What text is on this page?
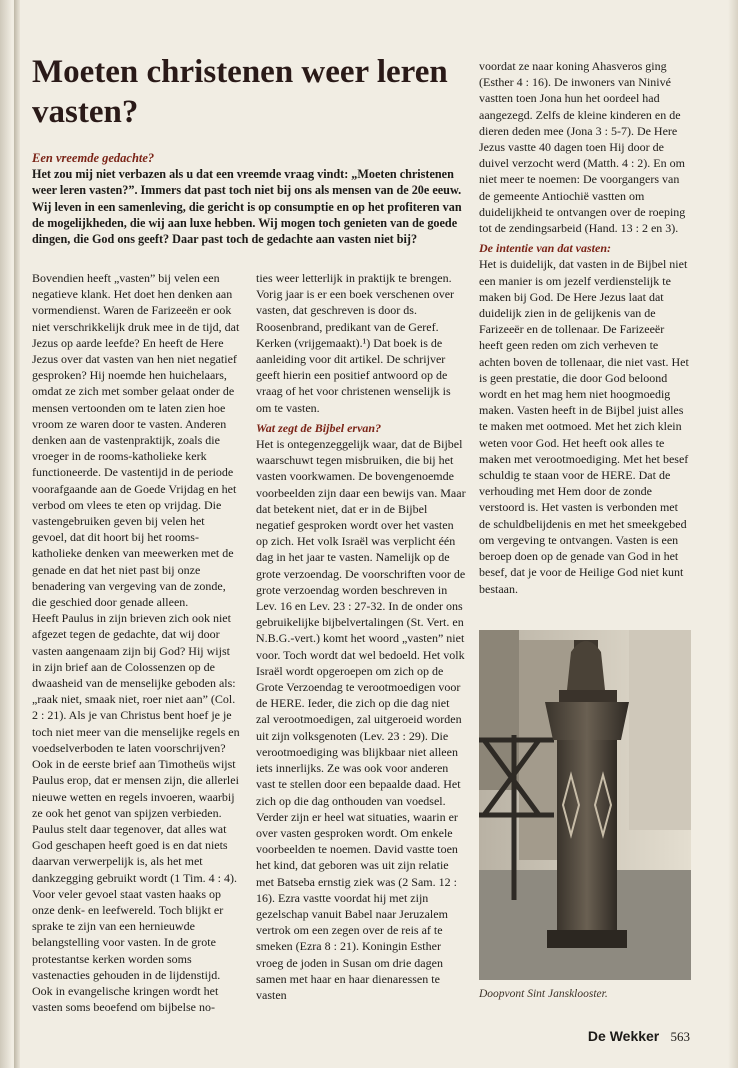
Moeten christenen weer leren vasten?
Een vreemde gedachte?

Het zou mij niet verbazen als u dat een vreemde vraag vindt: „Moeten christenen weer leren vasten?”. Immers dat past toch niet bij ons als mensen van de 20e eeuw. Wij leven in een samenleving, die gericht is op consumptie en op het profiteren van de mogelijkheden, die wij aan luxe hebben. Wij mogen toch genieten van de goede dingen, die God ons geeft? Daar past toch de gedachte aan vasten niet bij?

Bovendien heeft „vasten” bij velen een negatieve klank. Het doet hen denken aan vormendienst. Waren de Farizeeën er ook niet verschrikkelijk druk mee in de tijd, dat Jezus op aarde leefde? En heeft de Here Jezus over dat vasten van hen niet negatief gesproken? Hij noemde hen huichelaars, omdat ze zich met somber gelaat onder de mensen vertoonden om te laten zien hoe vroom ze waren door te vasten. Anderen denken aan de vastenpraktijk, zoals die vroeger in de rooms-katholieke kerk functioneerde. De vastentijd in de periode voorafgaande aan de Goede Vrijdag en het verbod om vlees te eten op vrijdag. Die vastengebruiken geven bij velen het gevoel, dat dit hoort bij het rooms-katholieke denken van meewerken met de genade en dat het niet past bij onze benadering van vergeving van de zonde, die geschied door genade alleen.

Heeft Paulus in zijn brieven zich ook niet afgezet tegen de gedachte, dat wij door vasten aangenaam zijn bij God? Hij wijst in zijn brief aan de Colossenzen op de dwaasheid van de menselijke geboden als: „raak niet, smaak niet, roer niet aan” (Col. 2 : 21). Als je van Christus bent hoef je je toch niet meer van die menselijke regels en voedselverboden te laten voorschrijven? Ook in de eerste brief aan Timotheüs wijst Paulus erop, dat er mensen zijn, die allerlei nieuwe wetten en regels invoeren, waarbij ze ook het genot van spijzen verbieden. Paulus stelt daar tegenover, dat alles wat God geschapen heeft goed is en dat niets daarvan verwerpelijk is, als het met dankzegging gebruikt wordt (1 Tim. 4 : 4).

Voor veler gevoel staat vasten haaks op onze denk- en leefwereld. Toch blijkt er sprake te zijn van een hernieuwde belangstelling voor vasten. In de grote protestantse kerken worden soms vastenacties gehouden in de lijdenstijd. Ook in evangelische kringen wordt het vasten soms beoefend om bijbelse no-

ties weer letterlijk in praktijk te brengen. Vorig jaar is er een boek verschenen over vasten, dat geschreven is door ds. Roosenbrand, predikant van de Geref. Kerken (vrijgemaakt).¹) Dat boek is de aanleiding voor dit artikel. De schrijver geeft hierin een positief antwoord op de vraag of het voor christenen wenselijk is om te vasten.

Wat zegt de Bijbel ervan?

Het is ontegenzeggelijk waar, dat de Bijbel waarschuwt tegen misbruiken, die bij het vasten voorkwamen. De bovengenoemde voorbeelden zijn daar een bewijs van. Maar dat betekent niet, dat er in de Bijbel negatief gesproken wordt over het vasten op zich. Het volk Israël was verplicht één dag in het jaar te vasten. Namelijk op de grote verzoendag. De voorschriften voor de grote verzoendag worden beschreven in Lev. 16 en Lev. 23 : 27-32. In de onder ons gebruikelijke bijbelvertalingen (St. Vert. en N.B.G.-vert.) komt het woord „vasten” niet voor. Toch wordt dat wel bedoeld. Het volk Israël wordt opgeroepen om zich op de Grote Verzoendag te verootmoedigen voor de HERE. Ieder, die zich op die dag niet zal verootmoedigen, zal uitgeroeid worden uit zijn volksgenoten (Lev. 23 : 29). Die verootmoediging was blijkbaar niet alleen iets innerlijks. Ze was ook voor anderen vast te stellen door een bepaalde daad. Het zich op die dag onthouden van voedsel.

Verder zijn er heel wat situaties, waarin er over vasten gesproken wordt. Om enkele voorbeelden te noemen. David vastte toen het kind, dat geboren was uit zijn relatie met Batseba ernstig ziek was (2 Sam. 12 : 16). Ezra vastte voordat hij met zijn gezelschap vanuit Babel naar Jeruzalem vertrok om een zegen over de reis af te smeken (Ezra 8 : 21). Koningin Esther vroeg de joden in Susan om drie dagen samen met haar en haar dienaressen te vasten

voordat ze naar koning Ahasveros ging (Esther 4 : 16). De inwoners van Ninivé vastten toen Jona hun het oordeel had aangezegd. Zelfs de kleine kinderen en de dieren deden mee (Jona 3 : 5-7). De Here Jezus vastte 40 dagen toen Hij door de duivel verzocht werd (Matth. 4 : 2). En om niet meer te noemen: De voorgangers van de gemeente Antiochië vastten om duidelijkheid te ontvangen over de roeping tot de zendingsarbeid (Hand. 13 : 2 en 3).

De intentie van dat vasten:

Het is duidelijk, dat vasten in de Bijbel niet een manier is om jezelf verdienstelijk te maken bij God. De Here Jezus laat dat duidelijk zien in de gelijkenis van de Farizeeër en de tollenaar. De Farizeeër heeft geen reden om zich verheven te achten boven de tollenaar, die niet vast. Het is geen prestatie, die door God beloond wordt en het mag hem niet hoogmoedig maken. Vasten heeft in de Bijbel juist alles te maken met ootmoed. Met het zich klein weten voor God. Het heeft ook alles te maken met verootmoediging. Met het besef schuldig te staan voor de HERE. Dat de verhouding met Hem door de zonde verstoord is. Het vasten is verbonden met de schuldbelijdenis en met het smeekgebed om vergeving te ontvangen. Vasten is een beroep doen op de genade van God in het besef, dat je voor de Heilige God niet kunt bestaan.

Doopvont Sint Jansklooster.
De Wekker 563
